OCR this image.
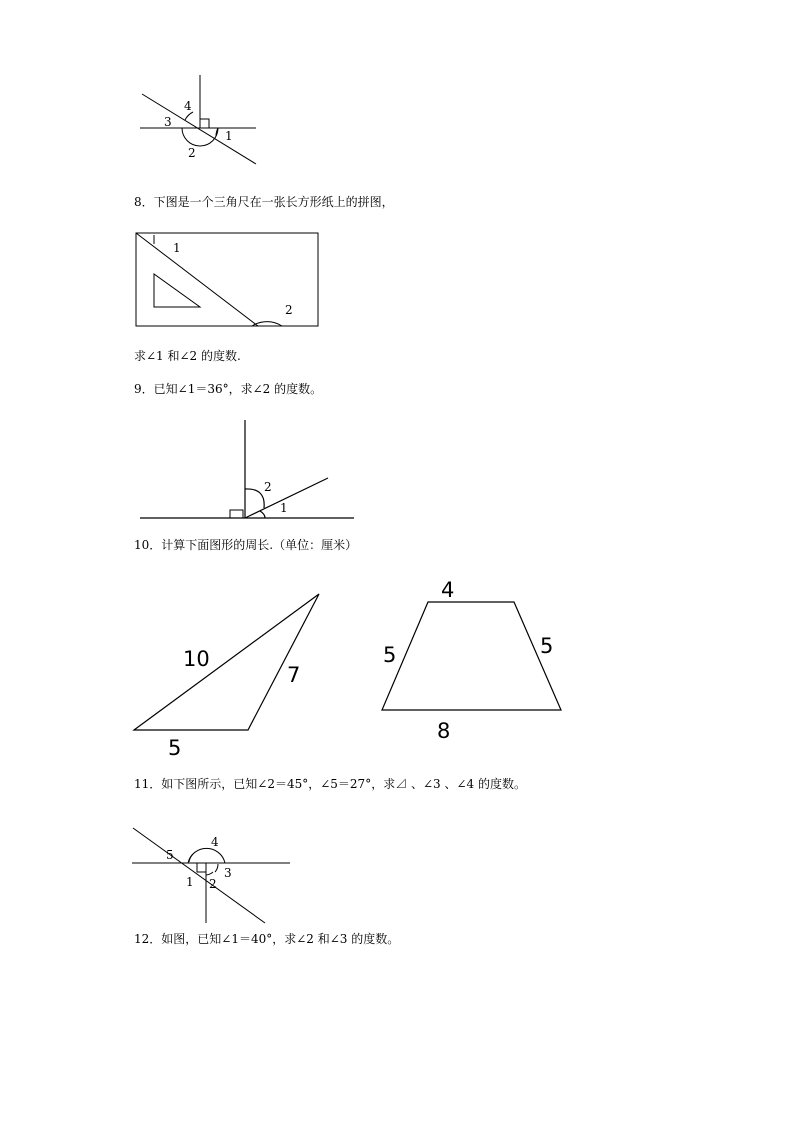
4
3
1
2
8．下图是一个三角尺在一张长方形纸上的拼图，
1
2
求∠1 和∠2 的度数.
9．已知∠1＝36°，求∠2 的度数。
2
1
10．计算下面图形的周长.（单位：厘米）
10
7
5
4
5	5
8
11．如下图所示，已知∠2＝45°，∠5＝27°，求⊿ 、∠3 、∠4 的度数。
4
5
1 2
3
12．如图，已知∠1＝40°，求∠2 和∠3 的度数。
